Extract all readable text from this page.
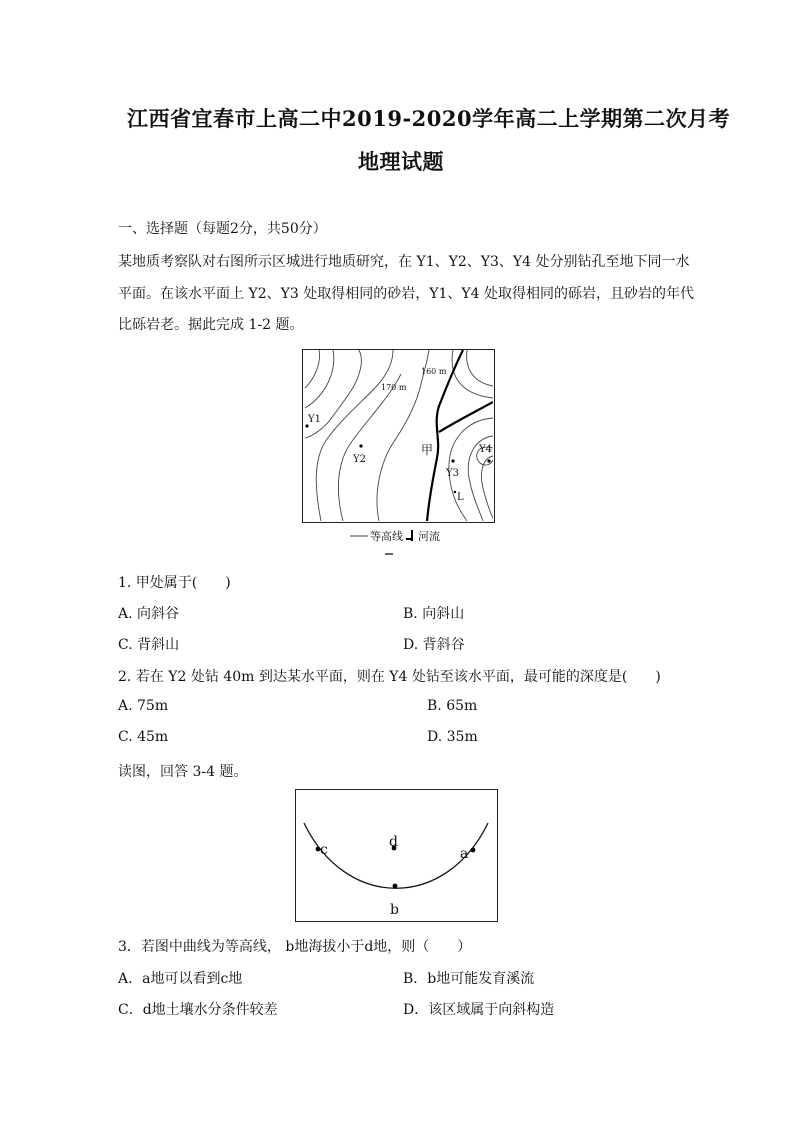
江西省宜春市上高二中2019-2020学年高二上学期第二次月考
地理试题
一、选择题（每题2分，共50分）
某地质考察队对右图所示区城进行地质研究，在 Y1、Y2、Y3、Y4 处分别钻孔至地下同一水
平面。在该水平面上 Y2、Y3 处取得相同的砂岩，Y1、Y4 处取得相同的砾岩，且砂岩的年代
比砾岩老。据此完成 1-2 题。
170 m
160 m
Y1
Y2
Y3
Y4
甲
L
等高线 河流
1. 甲处属于(　　)
A. 向斜谷	B. 向斜山
C. 背斜山	D. 背斜谷
2. 若在 Y2 处钻 40m 到达某水平面，则在 Y4 处钻至该水平面，最可能的深度是(　　)
A. 75m	B. 65m
C. 45m	D. 35m
读图，回答 3-4 题。
c	d
a
b
3．若图中曲线为等高线， b地海拔小于d地，则（　　）
A．a地可以看到c地	B．b地可能发育溪流
C．d地土壤水分条件较差	D．该区域属于向斜构造
